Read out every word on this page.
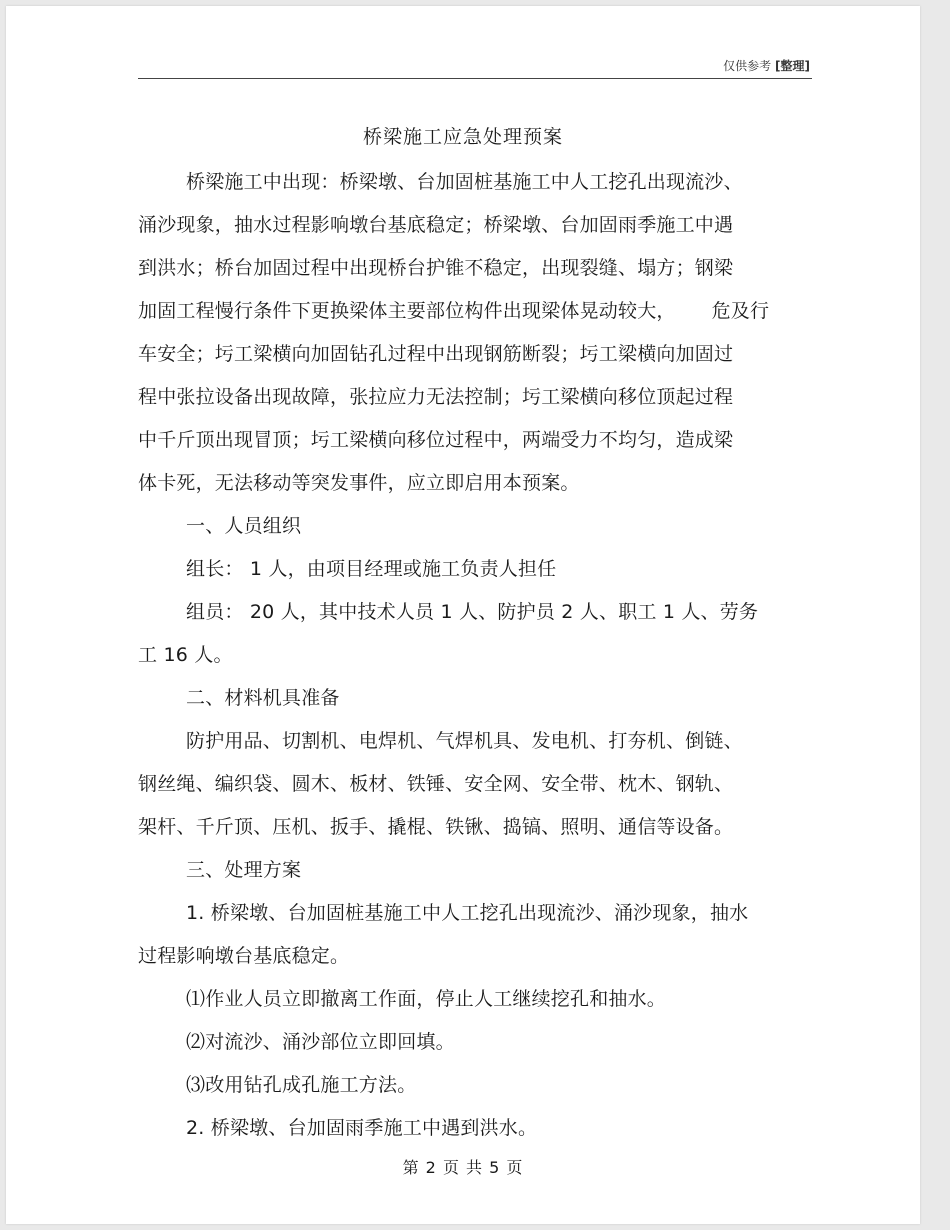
仅供参考 [整理]
桥梁施工应急处理预案
桥梁施工中出现：桥梁墩、台加固桩基施工中人工挖孔出现流沙、
涌沙现象，抽水过程影响墩台基底稳定；桥梁墩、台加固雨季施工中遇
到洪水；桥台加固过程中出现桥台护锥不稳定，出现裂缝、塌方；钢梁
加固工程慢行条件下更换梁体主要部位构件出现梁体晃动较大， 危及行
车安全；圬工梁横向加固钻孔过程中出现钢筋断裂；圬工梁横向加固过
程中张拉设备出现故障，张拉应力无法控制；圬工梁横向移位顶起过程
中千斤顶出现冒顶；圬工梁横向移位过程中，两端受力不均匀，造成梁
体卡死，无法移动等突发事件，应立即启用本预案。
一、人员组织
组长： 1 人，由项目经理或施工负责人担任
组员： 20 人，其中技术人员 1 人、防护员 2 人、职工 1 人、劳务
工 16 人。
二、材料机具准备
防护用品、切割机、电焊机、气焊机具、发电机、打夯机、倒链、
钢丝绳、编织袋、圆木、板材、铁锤、安全网、安全带、枕木、钢轨、
架杆、千斤顶、压机、扳手、撬棍、铁锹、捣镐、照明、通信等设备。
三、处理方案
1. 桥梁墩、台加固桩基施工中人工挖孔出现流沙、涌沙现象，抽水
过程影响墩台基底稳定。
⑴作业人员立即撤离工作面，停止人工继续挖孔和抽水。
⑵对流沙、涌沙部位立即回填。
⑶改用钻孔成孔施工方法。
2. 桥梁墩、台加固雨季施工中遇到洪水。
第 2 页 共 5 页
